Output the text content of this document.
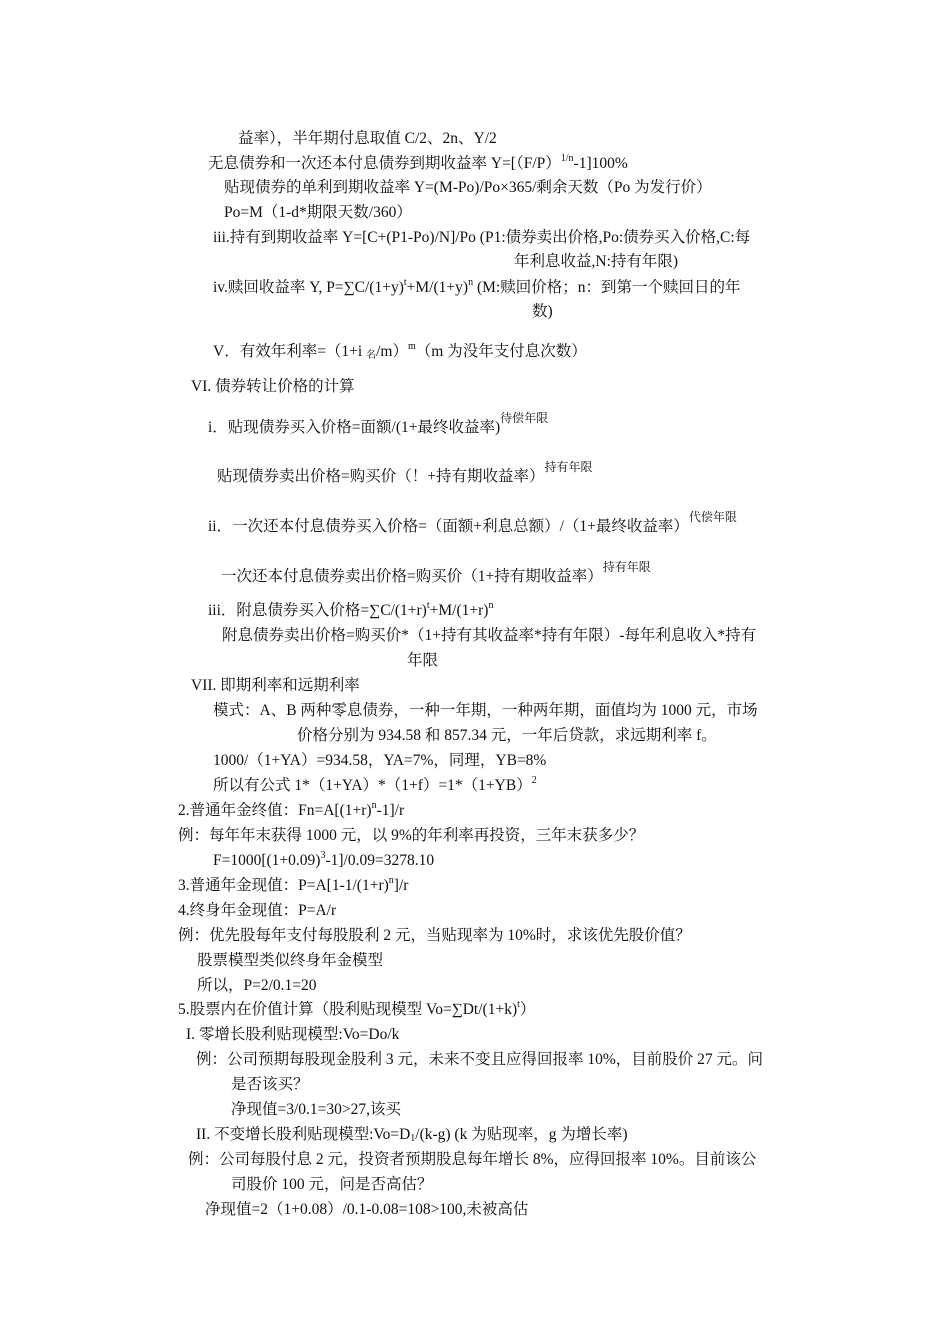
益率），半年期付息取值 C/2、2n、Y/2
无息债券和一次还本付息债券到期收益率 $Y=[(F/P)^{1/n}-1]100\%$
贴现债券的单利到期收益率 Y=(M-Po)/Po×365/剩余天数（Po 为发行价）
Po=M（1-d*期限天数/360）
iii.持有到期收益率 Y=[C+(P1-Po)/N]/Po (P1:债券卖出价格,Po:债券买入价格,C:每
年利息收益,N:持有年限)
iv.赎回收益率 Y, $P=\sum C/(1+y)^t+M/(1+y)^n$ (M:赎回价格；n：到第一个赎回日的年
数)
V．有效年利率=（1+i $_名$/m）$^m$（m 为没年支付息次数）
VI. 债券转让价格的计算
i．贴现债券买入价格=面额/(1+最终收益率)$^{待偿年限}$
贴现债券卖出价格=购买价（！+持有期收益率）$^{持有年限}$
ii．一次还本付息债券买入价格=（面额+利息总额）/（1+最终收益率）$^{代偿年限}$
一次还本付息债券卖出价格=购买价（1+持有期收益率）$^{持有年限}$
iii．附息债券买入价格$=\sum C/(1+r)^t+M/(1+r)^n$
附息债券卖出价格=购买价*（1+持有其收益率*持有年限）-每年利息收入*持有
年限
VII. 即期利率和远期利率
模式：A、B 两种零息债券，一种一年期，一种两年期，面值均为 1000 元，市场
价格分别为 934.58 和 857.34 元，一年后贷款，求远期利率 f。
1000/（1+YA）=934.58，YA=7%，同理，YB=8%
所以有公式 $1*(1+YA)*(1+f)=1*(1+YB)^2$
2.普通年金终值：$Fn=A[(1+r)^n-1]/r$
例：每年年末获得 1000 元，以 9%的年利率再投资，三年末获多少？
$F=1000[(1+0.09)^3-1]/0.09=3278.10$
3.普通年金现值：$P=A[1-1/(1+r)^n]/r$
4.终身年金现值：P=A/r
例：优先股每年支付每股股利 2 元，当贴现率为 10%时，求该优先股价值？
股票模型类似终身年金模型
所以，P=2/0.1=20
5.股票内在价值计算（股利贴现模型 $Vo=\sum Dt/(1+k)^t$）
I. 零增长股利贴现模型:Vo=Do/k
例：公司预期每股现金股利 3 元，未来不变且应得回报率 10%，目前股价 27 元。问
是否该买？
净现值=3/0.1=30>27,该买
II. 不变增长股利贴现模型$:Vo=D_1/(k-g)$ (k 为贴现率，g 为增长率)
例：公司每股付息 2 元，投资者预期股息每年增长 8%，应得回报率 10%。目前该公
司股价 100 元，问是否高估？
净现值=2（1+0.08）/0.1-0.08=108>100,未被高估
